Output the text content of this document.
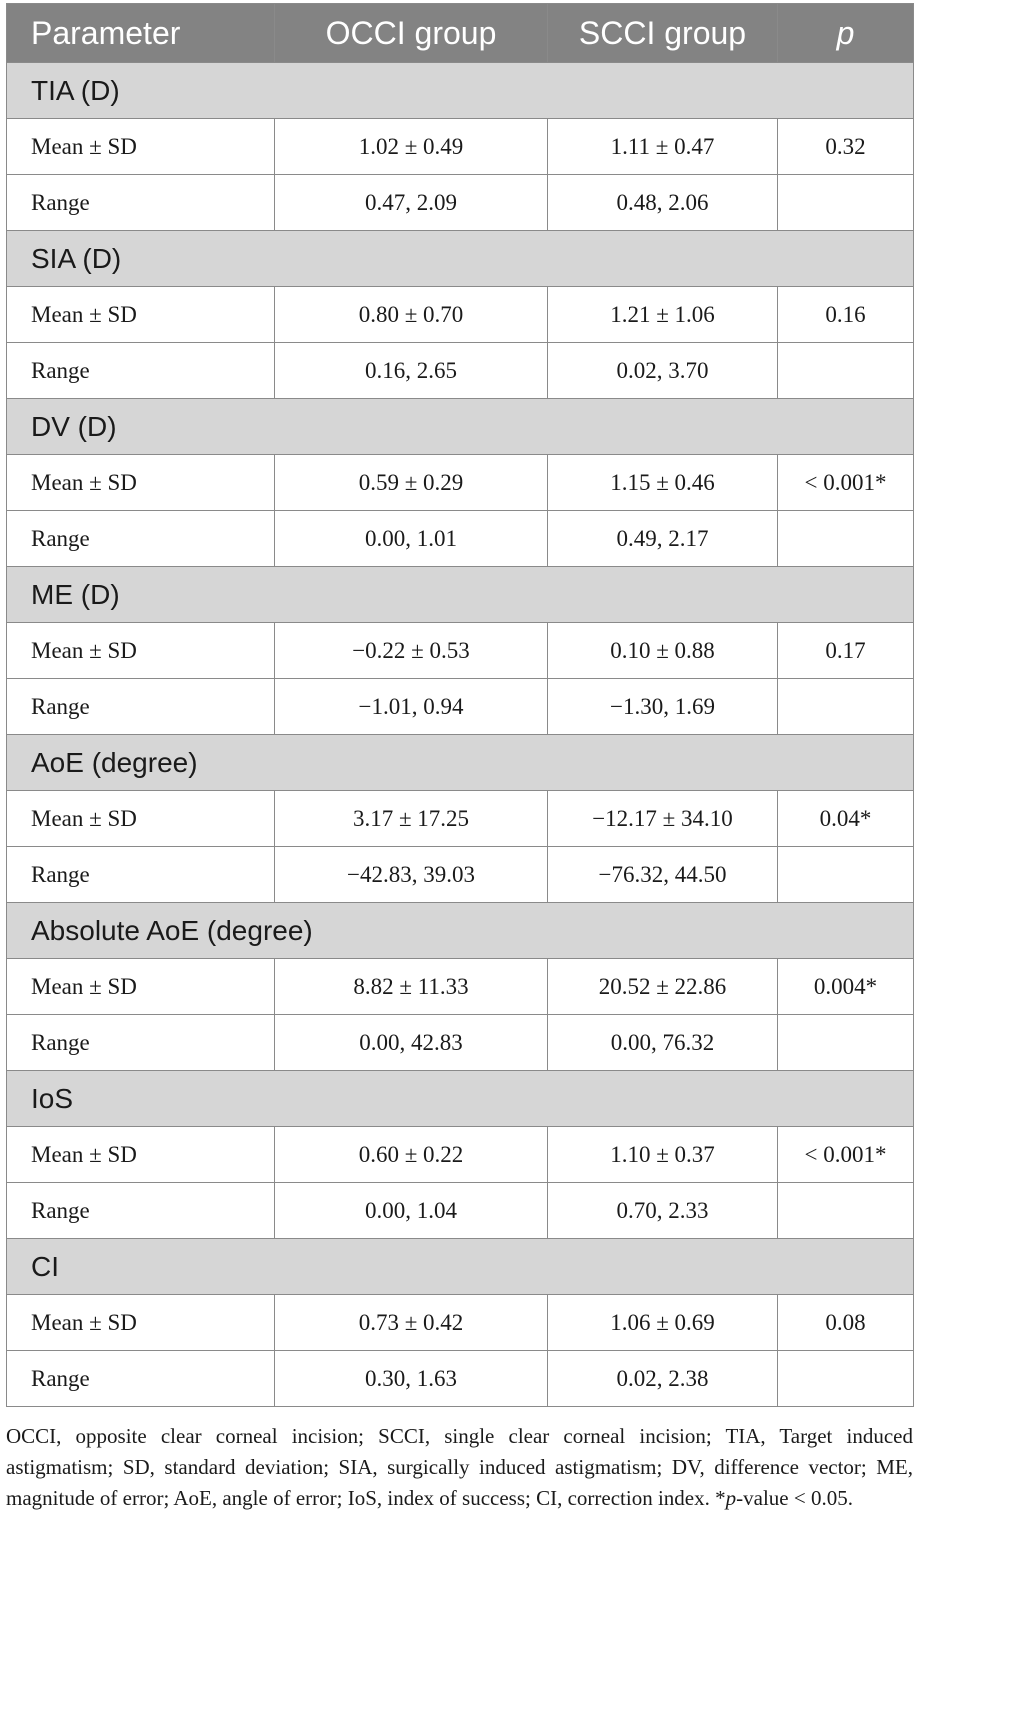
Parameter	OCCI group	SCCI group	p
TIA (D)			
Mean ± SD	1.02 ± 0.49	1.11 ± 0.47	0.32
Range	0.47, 2.09	0.48, 2.06	
SIA (D)			
Mean ± SD	0.80 ± 0.70	1.21 ± 1.06	0.16
Range	0.16, 2.65	0.02, 3.70	
DV (D)			
Mean ± SD	0.59 ± 0.29	1.15 ± 0.46	< 0.001*
Range	0.00, 1.01	0.49, 2.17	
ME (D)			
Mean ± SD	−0.22 ± 0.53	0.10 ± 0.88	0.17
Range	−1.01, 0.94	−1.30, 1.69	
AoE (degree)			
Mean ± SD	3.17 ± 17.25	−12.17 ± 34.10	0.04*
Range	−42.83, 39.03	−76.32, 44.50	
Absolute AoE (degree)			
Mean ± SD	8.82 ± 11.33	20.52 ± 22.86	0.004*
Range	0.00, 42.83	0.00, 76.32	
IoS			
Mean ± SD	0.60 ± 0.22	1.10 ± 0.37	< 0.001*
Range	0.00, 1.04	0.70, 2.33	
CI			
Mean ± SD	0.73 ± 0.42	1.06 ± 0.69	0.08
Range	0.30, 1.63	0.02, 2.38	
OCCI, opposite clear corneal incision; SCCI, single clear corneal incision; TIA, Target induced astigmatism; SD, standard deviation; SIA, surgically induced astigmatism; DV, difference vector; ME, magnitude of error; AoE, angle of error; IoS, index of success; CI, correction index. *p-value < 0.05.
